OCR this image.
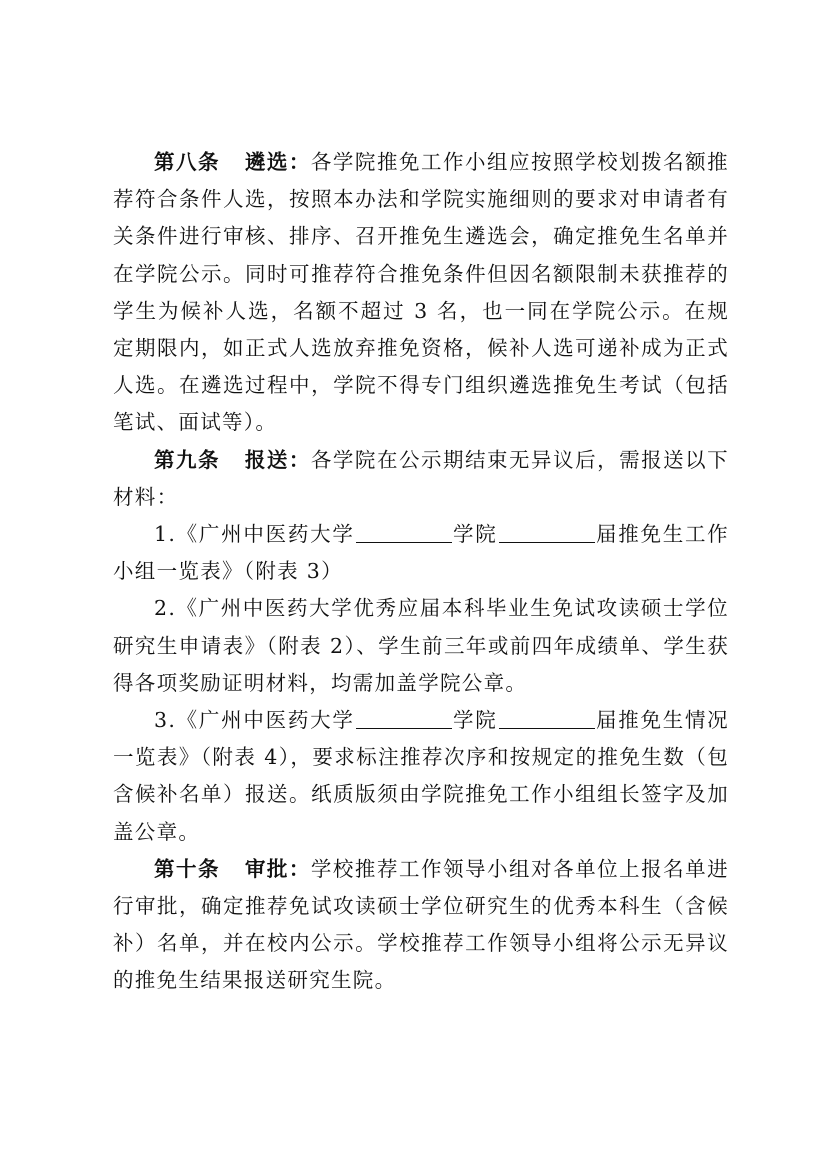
第八条 遴选：各学院推免工作小组应按照学校划拨名额推荐符合条件人选，按照本办法和学院实施细则的要求对申请者有关条件进行审核、排序、召开推免生遴选会，确定推免生名单并在学院公示。同时可推荐符合推免条件但因名额限制未获推荐的学生为候补人选，名额不超过 3 名，也一同在学院公示。在规定期限内，如正式人选放弃推免资格，候补人选可递补成为正式人选。在遴选过程中，学院不得专门组织遴选推免生考试（包括笔试、面试等）。

第九条 报送：各学院在公示期结束无异议后，需报送以下材料：

1.《广州中医药大学	学院	届推免生工作小组一览表》（附表 3）

2.《广州中医药大学优秀应届本科毕业生免试攻读硕士学位研究生申请表》（附表 2）、学生前三年或前四年成绩单、学生获得各项奖励证明材料，均需加盖学院公章。

3.《广州中医药大学	学院	届推免生情况一览表》（附表 4），要求标注推荐次序和按规定的推免生数（包含候补名单）报送。纸质版须由学院推免工作小组组长签字及加盖公章。

第十条 审批：学校推荐工作领导小组对各单位上报名单进行审批，确定推荐免试攻读硕士学位研究生的优秀本科生（含候补）名单，并在校内公示。学校推荐工作领导小组将公示无异议的推免生结果报送研究生院。
